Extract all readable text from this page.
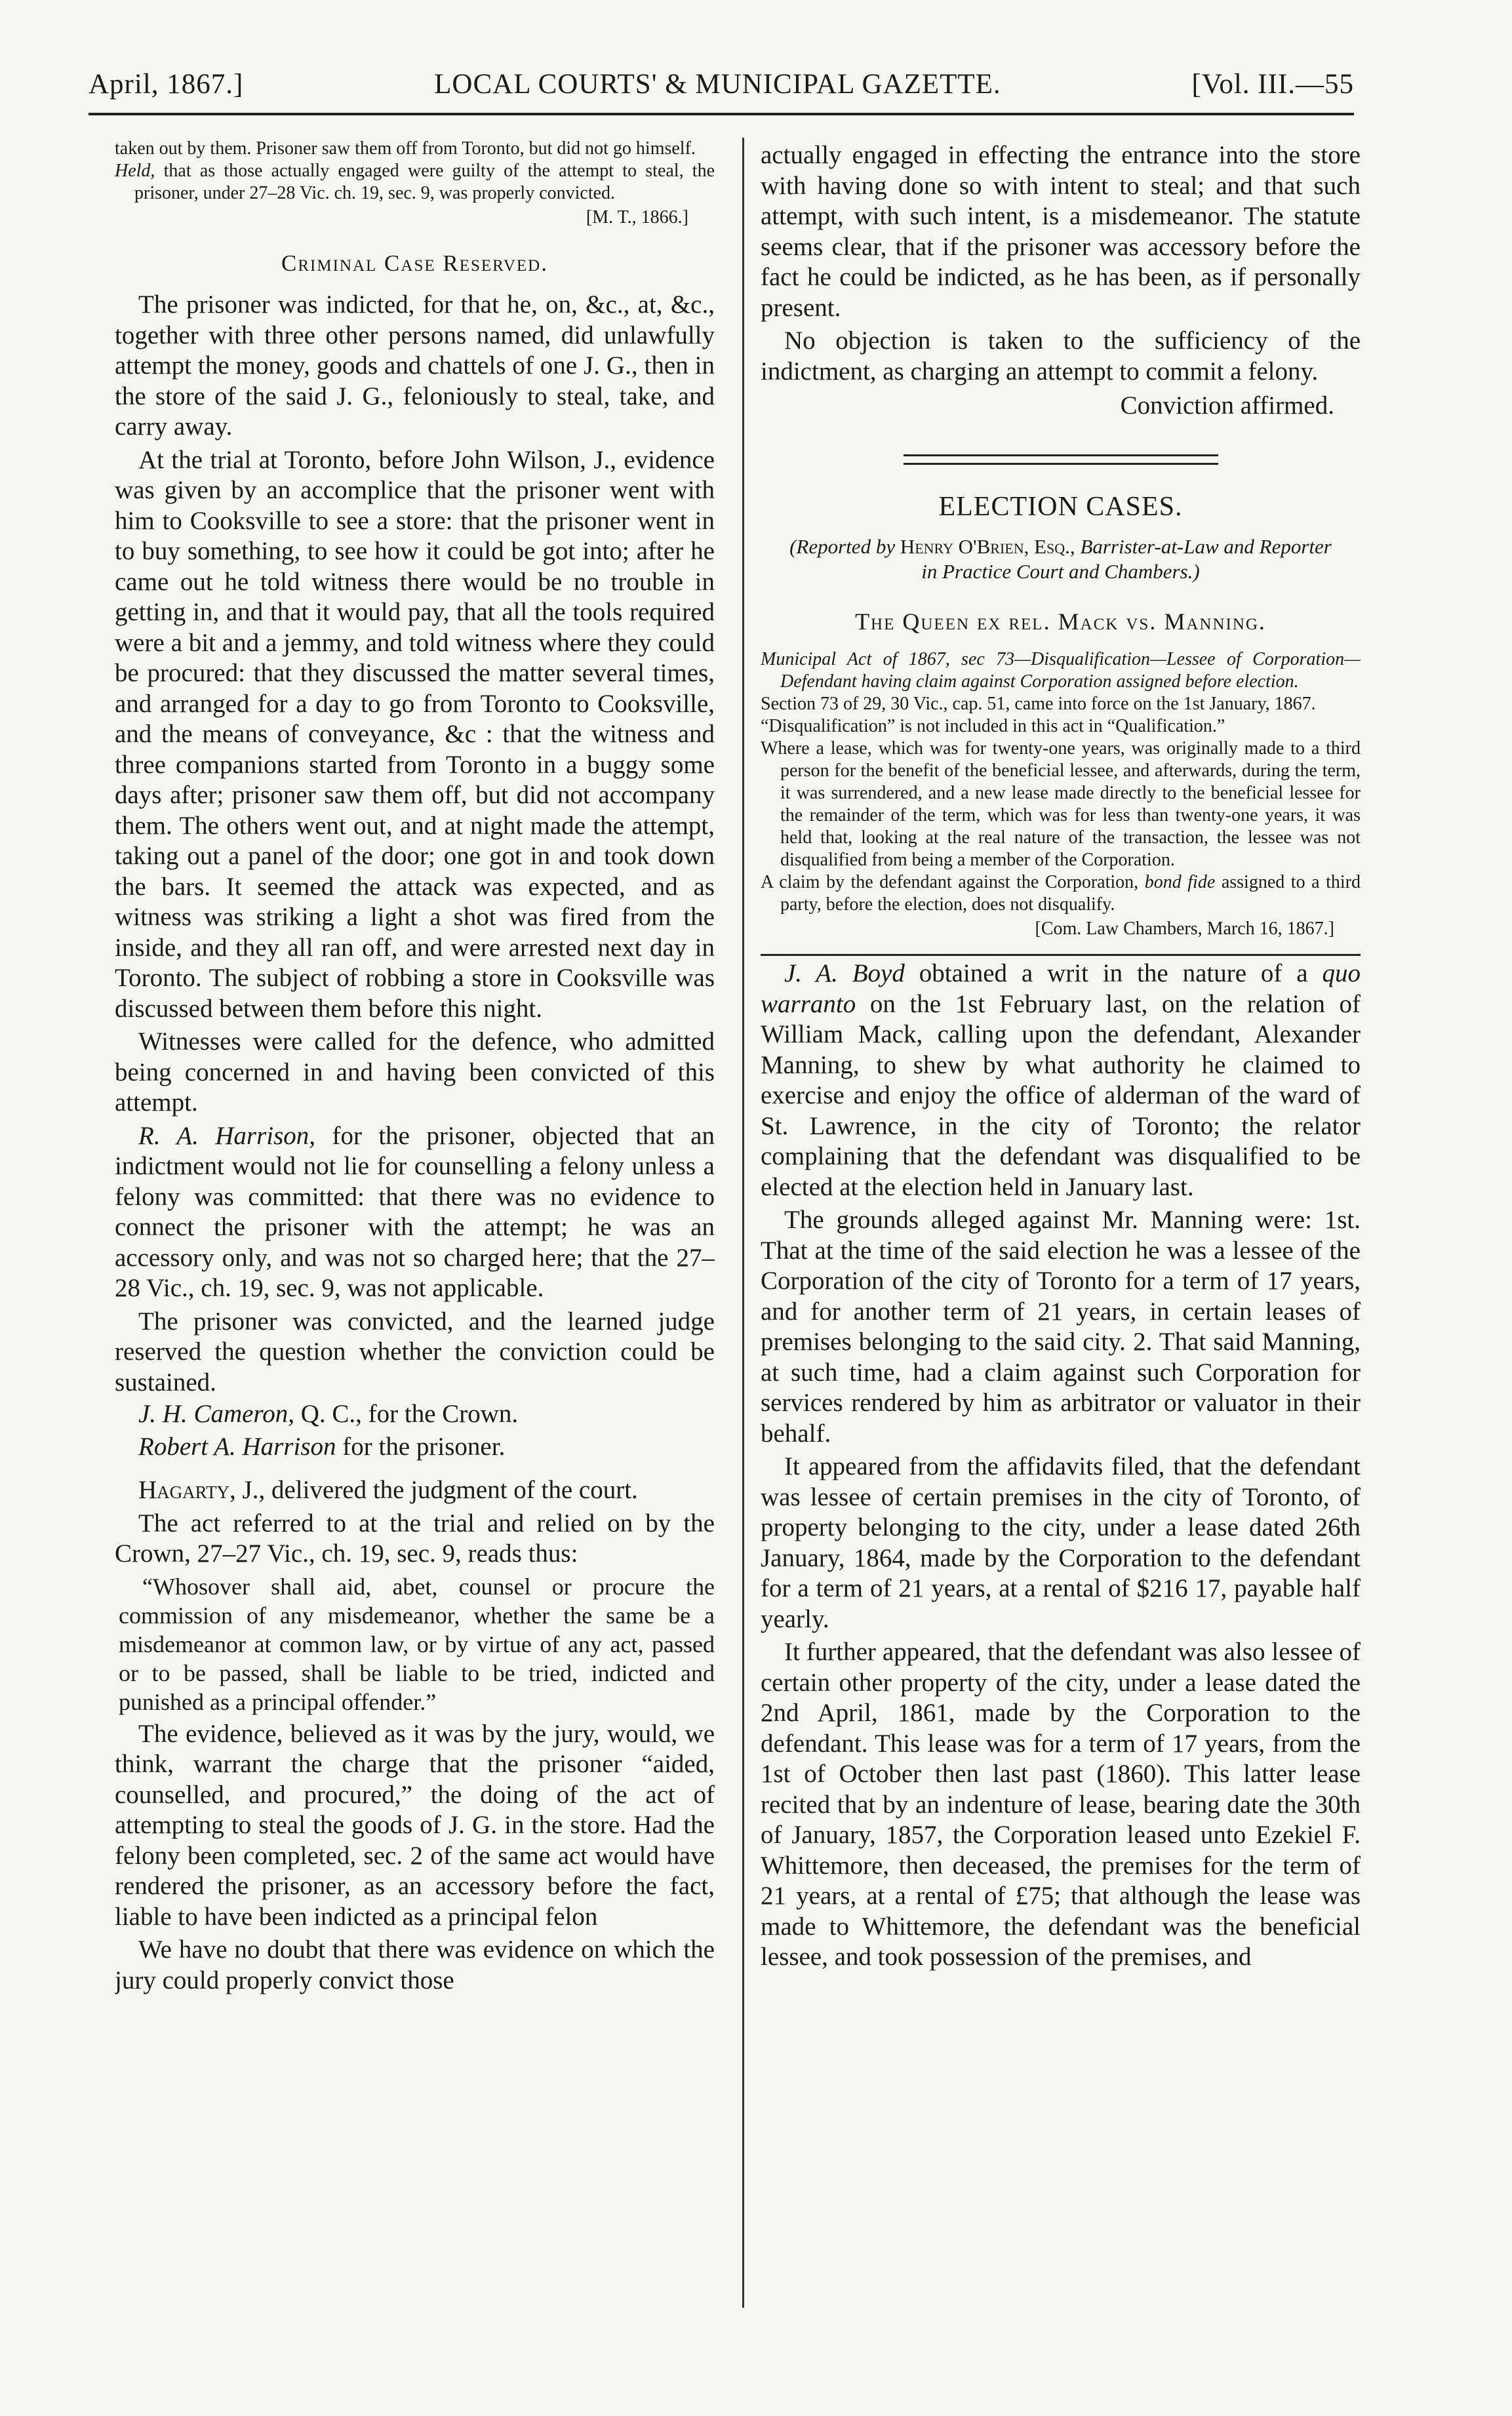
April, 1867.]	LOCAL COURTS' & MUNICIPAL GAZETTE.	[Vol. III.—55

taken out by them. Prisoner saw them off from Toronto, but did not go himself.

Held, that as those actually engaged were guilty of the attempt to steal, the prisoner, under 27–28 Vic. ch. 19, sec. 9, was properly convicted.

[M. T., 1866.]

Criminal Case Reserved.

The prisoner was indicted, for that he, on, &c., at, &c., together with three other persons named, did unlawfully attempt the money, goods and chattels of one J. G., then in the store of the said J. G., feloniously to steal, take, and carry away.

At the trial at Toronto, before John Wilson, J., evidence was given by an accomplice that the prisoner went with him to Cooksville to see a store: that the prisoner went in to buy something, to see how it could be got into; after he came out he told witness there would be no trouble in getting in, and that it would pay, that all the tools required were a bit and a jemmy, and told witness where they could be procured: that they discussed the matter several times, and arranged for a day to go from Toronto to Cooksville, and the means of conveyance, &c : that the witness and three companions started from Toronto in a buggy some days after; prisoner saw them off, but did not accompany them. The others went out, and at night made the attempt, taking out a panel of the door; one got in and took down the bars. It seemed the attack was expected, and as witness was striking a light a shot was fired from the inside, and they all ran off, and were arrested next day in Toronto. The subject of robbing a store in Cooksville was discussed between them before this night.

Witnesses were called for the defence, who admitted being concerned in and having been convicted of this attempt.

R. A. Harrison, for the prisoner, objected that an indictment would not lie for counselling a felony unless a felony was committed: that there was no evidence to connect the prisoner with the attempt; he was an accessory only, and was not so charged here; that the 27–28 Vic., ch. 19, sec. 9, was not applicable.

The prisoner was convicted, and the learned judge reserved the question whether the conviction could be sustained.

J. H. Cameron, Q. C., for the Crown.

Robert A. Harrison for the prisoner.

Hagarty, J., delivered the judgment of the court.

The act referred to at the trial and relied on by the Crown, 27–27 Vic., ch. 19, sec. 9, reads thus:

“Whosover shall aid, abet, counsel or procure the commission of any misdemeanor, whether the same be a misdemeanor at common law, or by virtue of any act, passed or to be passed, shall be liable to be tried, indicted and punished as a principal offender.”

The evidence, believed as it was by the jury, would, we think, warrant the charge that the prisoner “aided, counselled, and procured,” the doing of the act of attempting to steal the goods of J. G. in the store. Had the felony been completed, sec. 2 of the same act would have rendered the prisoner, as an accessory before the fact, liable to have been indicted as a principal felon

We have no doubt that there was evidence on which the jury could properly convict those

actually engaged in effecting the entrance into the store with having done so with intent to steal; and that such attempt, with such intent, is a misdemeanor. The statute seems clear, that if the prisoner was accessory before the fact he could be indicted, as he has been, as if personally present.

No objection is taken to the sufficiency of the indictment, as charging an attempt to commit a felony.

Conviction affirmed.

ELECTION CASES.

(Reported by Henry O'Brien, Esq., Barrister-at-Law and Reporter in Practice Court and Chambers.)

The Queen ex rel. Mack vs. Manning.

Municipal Act of 1867, sec 73—Disqualification—Lessee of Corporation—Defendant having claim against Corporation assigned before election.

Section 73 of 29, 30 Vic., cap. 51, came into force on the 1st January, 1867.

“Disqualification” is not included in this act in “Qualification.”

Where a lease, which was for twenty-one years, was originally made to a third person for the benefit of the beneficial lessee, and afterwards, during the term, it was surrendered, and a new lease made directly to the beneficial lessee for the remainder of the term, which was for less than twenty-one years, it was held that, looking at the real nature of the transaction, the lessee was not disqualified from being a member of the Corporation.

A claim by the defendant against the Corporation, bond fide assigned to a third party, before the election, does not disqualify.

[Com. Law Chambers, March 16, 1867.]

J. A. Boyd obtained a writ in the nature of a quo warranto on the 1st February last, on the relation of William Mack, calling upon the defendant, Alexander Manning, to shew by what authority he claimed to exercise and enjoy the office of alderman of the ward of St. Lawrence, in the city of Toronto; the relator complaining that the defendant was disqualified to be elected at the election held in January last.

The grounds alleged against Mr. Manning were: 1st. That at the time of the said election he was a lessee of the Corporation of the city of Toronto for a term of 17 years, and for another term of 21 years, in certain leases of premises belonging to the said city. 2. That said Manning, at such time, had a claim against such Corporation for services rendered by him as arbitrator or valuator in their behalf.

It appeared from the affidavits filed, that the defendant was lessee of certain premises in the city of Toronto, of property belonging to the city, under a lease dated 26th January, 1864, made by the Corporation to the defendant for a term of 21 years, at a rental of $216 17, payable half yearly.

It further appeared, that the defendant was also lessee of certain other property of the city, under a lease dated the 2nd April, 1861, made by the Corporation to the defendant. This lease was for a term of 17 years, from the 1st of October then last past (1860). This latter lease recited that by an indenture of lease, bearing date the 30th of January, 1857, the Corporation leased unto Ezekiel F. Whittemore, then deceased, the premises for the term of 21 years, at a rental of £75; that although the lease was made to Whittemore, the defendant was the beneficial lessee, and took possession of the premises, and
